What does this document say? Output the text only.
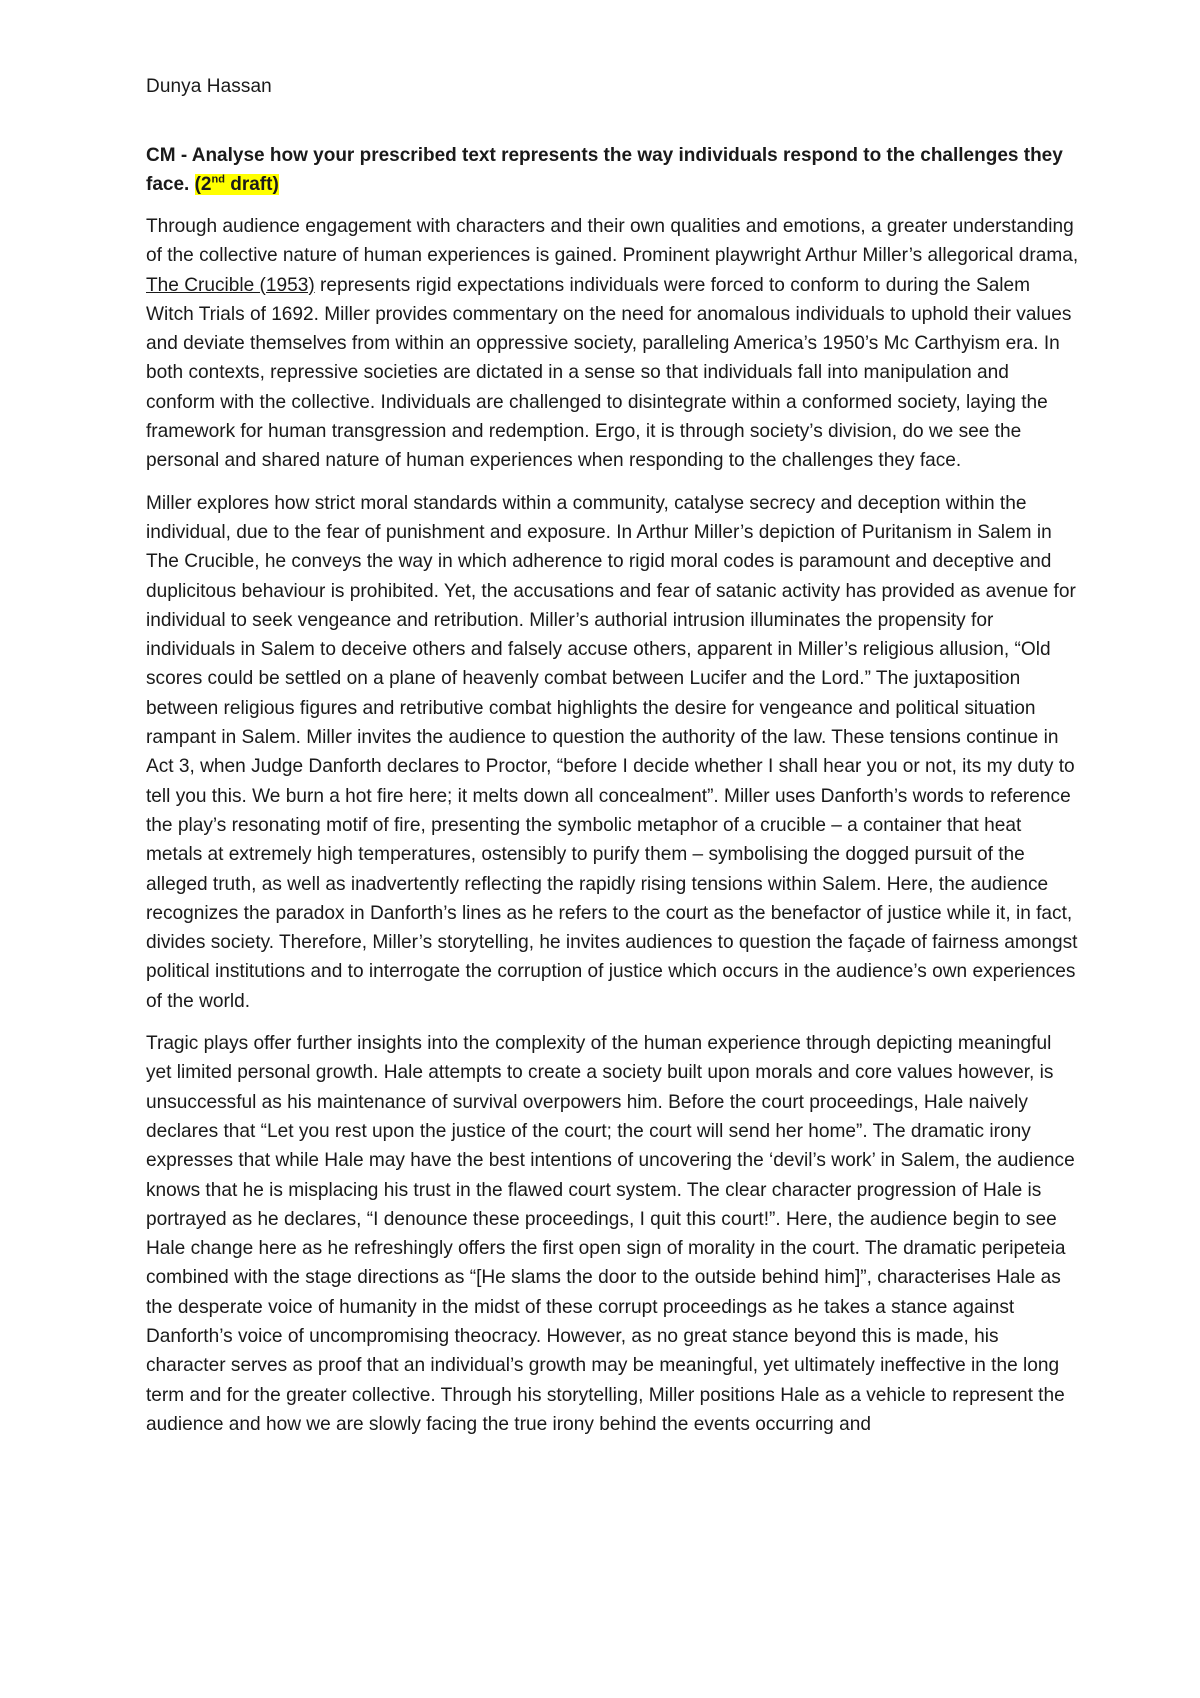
Dunya Hassan
CM - Analyse how your prescribed text represents the way individuals respond to the challenges they face. (2nd draft)

Through audience engagement with characters and their own qualities and emotions, a greater understanding of the collective nature of human experiences is gained. Prominent playwright Arthur Miller’s allegorical drama, The Crucible (1953) represents rigid expectations individuals were forced to conform to during the Salem Witch Trials of 1692. Miller provides commentary on the need for anomalous individuals to uphold their values and deviate themselves from within an oppressive society, paralleling America’s 1950’s Mc Carthyism era. In both contexts, repressive societies are dictated in a sense so that individuals fall into manipulation and conform with the collective. Individuals are challenged to disintegrate within a conformed society, laying the framework for human transgression and redemption. Ergo, it is through society’s division, do we see the personal and shared nature of human experiences when responding to the challenges they face.

Miller explores how strict moral standards within a community, catalyse secrecy and deception within the individual, due to the fear of punishment and exposure. In Arthur Miller’s depiction of Puritanism in Salem in The Crucible, he conveys the way in which adherence to rigid moral codes is paramount and deceptive and duplicitous behaviour is prohibited. Yet, the accusations and fear of satanic activity has provided as avenue for individual to seek vengeance and retribution. Miller’s authorial intrusion illuminates the propensity for individuals in Salem to deceive others and falsely accuse others, apparent in Miller’s religious allusion, “Old scores could be settled on a plane of heavenly combat between Lucifer and the Lord.” The juxtaposition between religious figures and retributive combat highlights the desire for vengeance and political situation rampant in Salem. Miller invites the audience to question the authority of the law. These tensions continue in Act 3, when Judge Danforth declares to Proctor, “before I decide whether I shall hear you or not, its my duty to tell you this. We burn a hot fire here; it melts down all concealment”. Miller uses Danforth’s words to reference the play’s resonating motif of fire, presenting the symbolic metaphor of a crucible – a container that heat metals at extremely high temperatures, ostensibly to purify them – symbolising the dogged pursuit of the alleged truth, as well as inadvertently reflecting the rapidly rising tensions within Salem. Here, the audience recognizes the paradox in Danforth’s lines as he refers to the court as the benefactor of justice while it, in fact, divides society. Therefore, Miller’s storytelling, he invites audiences to question the façade of fairness amongst political institutions and to interrogate the corruption of justice which occurs in the audience’s own experiences of the world.

Tragic plays offer further insights into the complexity of the human experience through depicting meaningful yet limited personal growth. Hale attempts to create a society built upon morals and core values however, is unsuccessful as his maintenance of survival overpowers him. Before the court proceedings, Hale naively declares that “Let you rest upon the justice of the court; the court will send her home”. The dramatic irony expresses that while Hale may have the best intentions of uncovering the ‘devil’s work’ in Salem, the audience knows that he is misplacing his trust in the flawed court system. The clear character progression of Hale is portrayed as he declares, “I denounce these proceedings, I quit this court!”. Here, the audience begin to see Hale change here as he refreshingly offers the first open sign of morality in the court. The dramatic peripeteia combined with the stage directions as “[He slams the door to the outside behind him]”, characterises Hale as the desperate voice of humanity in the midst of these corrupt proceedings as he takes a stance against Danforth’s voice of uncompromising theocracy. However, as no great stance beyond this is made, his character serves as proof that an individual’s growth may be meaningful, yet ultimately ineffective in the long term and for the greater collective. Through his storytelling, Miller positions Hale as a vehicle to represent the audience and how we are slowly facing the true irony behind the events occurring and
